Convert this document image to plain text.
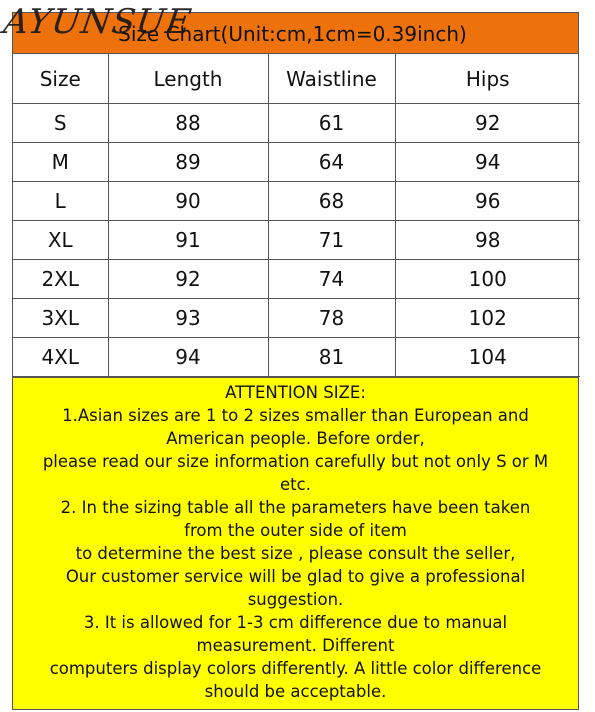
AYUNSUE
Size Chart(Unit:cm,1cm=0.39inch)
Size	Length	Waistline	Hips
S	88	61	92
M	89	64	94
L	90	68	96
XL	91	71	98
2XL	92	74	100
3XL	93	78	102
4XL	94	81	104
ATTENTION SIZE:
1.Asian sizes are 1 to 2 sizes smaller than European and
American people. Before order,
please read our size information carefully but not only S or M
etc.
2. In the sizing table all the parameters have been taken
from the outer side of item
to determine the best size , please consult the seller,
Our customer service will be glad to give a professional
suggestion.
3. It is allowed for 1-3 cm difference due to manual
measurement. Different
computers display colors differently. A little color difference
should be acceptable.
